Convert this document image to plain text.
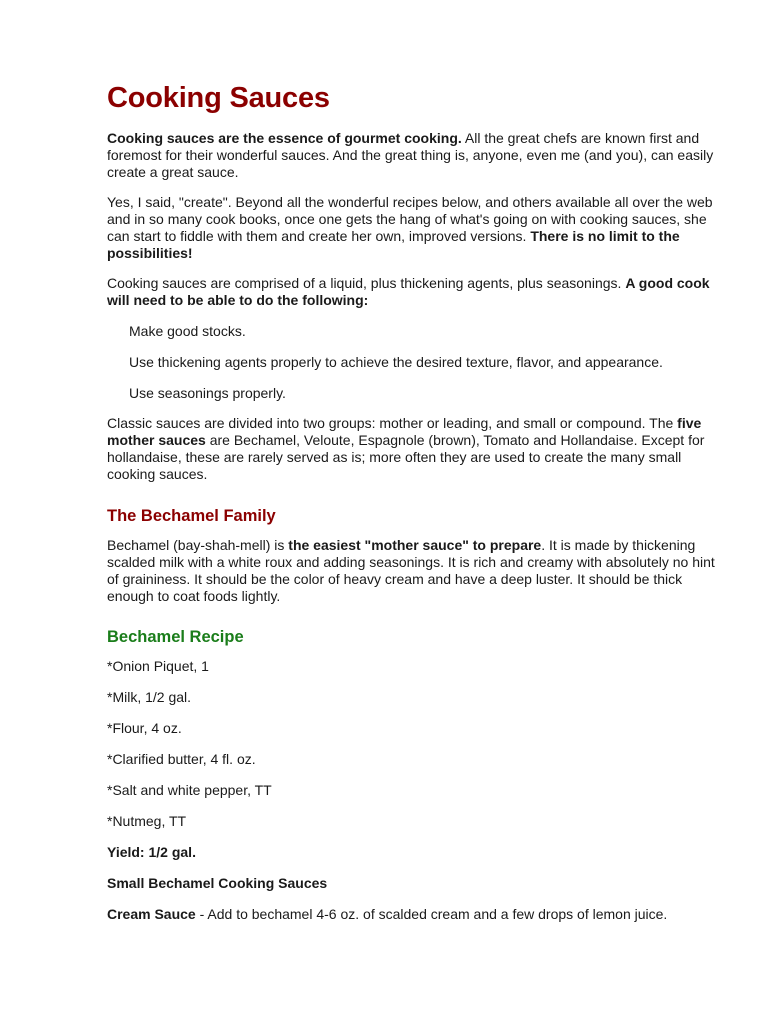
Cooking Sauces

Cooking sauces are the essence of gourmet cooking. All the great chefs are known first and foremost for their wonderful sauces. And the great thing is, anyone, even me (and you), can easily create a great sauce.

Yes, I said, "create". Beyond all the wonderful recipes below, and others available all over the web and in so many cook books, once one gets the hang of what's going on with cooking sauces, she can start to fiddle with them and create her own, improved versions. There is no limit to the possibilities!

Cooking sauces are comprised of a liquid, plus thickening agents, plus seasonings. A good cook will need to be able to do the following:

Make good stocks.

Use thickening agents properly to achieve the desired texture, flavor, and appearance.

Use seasonings properly.

Classic sauces are divided into two groups: mother or leading, and small or compound. The five mother sauces are Bechamel, Veloute, Espagnole (brown), Tomato and Hollandaise. Except for hollandaise, these are rarely served as is; more often they are used to create the many small cooking sauces.

The Bechamel Family

Bechamel (bay-shah-mell) is the easiest "mother sauce" to prepare. It is made by thickening scalded milk with a white roux and adding seasonings. It is rich and creamy with absolutely no hint of graininess. It should be the color of heavy cream and have a deep luster. It should be thick enough to coat foods lightly.

Bechamel Recipe

*Onion Piquet, 1

*Milk, 1/2 gal.

*Flour, 4 oz.

*Clarified butter, 4 fl. oz.

*Salt and white pepper, TT

*Nutmeg, TT

Yield: 1/2 gal.

Small Bechamel Cooking Sauces

Cream Sauce - Add to bechamel 4-6 oz. of scalded cream and a few drops of lemon juice.
